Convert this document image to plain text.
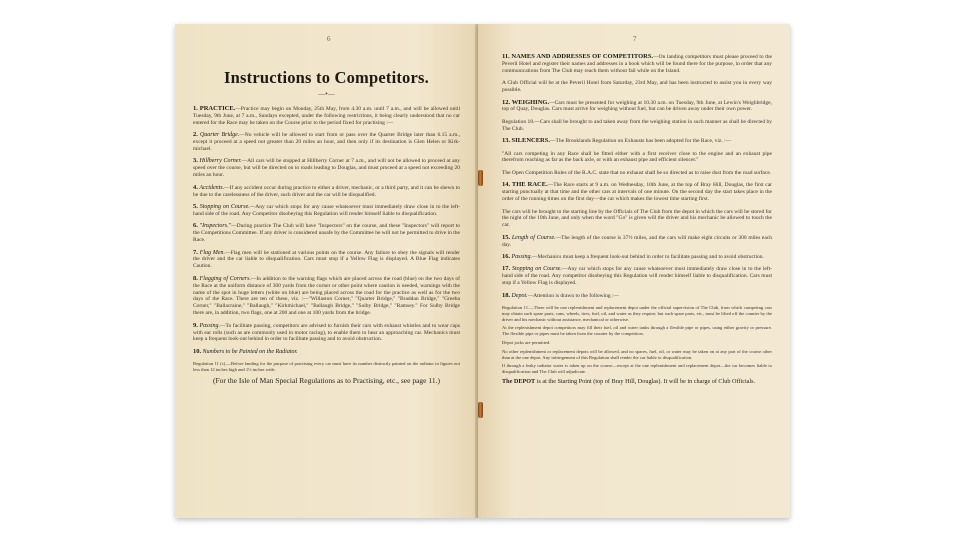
6
Instructions to Competitors.
—•—
1. PRACTICE.—Practice may begin on Monday, 25th May, from 4.30 a.m. until 7 a.m., and will be allowed until Tuesday, 9th June, at 7 a.m., Sundays excepted, under the following restrictions, it being clearly understood that no car entered for the Race may be taken on the Course prior to the period fixed for practising :—
2. Quarter Bridge.—No vehicle will be allowed to start from or pass over the Quarter Bridge later than 6.15 a.m., except it proceed at a speed not greater than 20 miles an hour, and then only if its destination is Glen Helen or Kirk-michael.
3. Hillberry Corner.—All cars will be stopped at Hillberry Corner at 7 a.m., and will not be allowed to proceed at any speed over the course, but will be directed on to roads leading to Douglas, and must proceed at a speed not exceeding 20 miles an hour.
4. Accidents.—If any accident occur during practice to either a driver, mechanic, or a third party, and it can be shewn to be due to the carelessness of the driver, such driver and the car will be disqualified.
5. Stopping on Course.—Any car which stops for any cause whatsoever must immediately draw close in to the left-hand side of the road. Any Competitor disobeying this Regulation will render himself liable to disqualification.
6. "Inspectors."—During practice The Club will have "Inspectors" on the course, and these "Inspectors" will report to the Competitions Committee. If any driver is considered unsafe by the Committee he will not be permitted to drive in the Race.
7. Flag Men.—Flag men will be stationed at various points on the course. Any failure to obey the signals will render the driver and the car liable to disqualification. Cars must stop if a Yellow Flag is displayed. A Blue Flag indicates Caution.
8. Flagging of Corners.—In addition to the warning flags which are placed across the road (blue) on the two days of the Race at the uniform distance of 300 yards from the corner or other point where caution is needed, warnings with the name of the spot in huge letters (white on blue) are being placed across the road for the practice as well as for the two days of the Race. There are ten of these, viz. :—"Willaston Corner," "Quarter Bridge," "Braddan Bridge," "Greeba Corner," "Ballacraine," "Ballaugh," "Kirkmichael," "Ballaugh Bridge," "Sulby Bridge," "Ramsey." For Sulby Bridge there are, in addition, two flags, one at 200 and one at 100 yards from the bridge.
9. Passing.—To facilitate passing, competitors are advised to furnish their cars with exhaust whistles and to wear caps with ear rolls (such as are commonly used in motor racing), to enable them to hear an approaching car. Mechanics must keep a frequent look-out behind in order to facilitate passing and to avoid obstruction.
10. Numbers to be Painted on the Radiator.
Regulation 11 (c).—Before landing for the purpose of practising every car must have its number distinctly painted on the radiator in figures not less than 12 inches high and 1½ inches wide.
(For the Isle of Man Special Regulations as to Practising, etc., see page 11.)
7
11. NAMES AND ADDRESSES OF COMPETITORS.—On landing competitors must please proceed to the Peveril Hotel and register their names and addresses in a book which will be found there for the purpose, in order that any communications from The Club may reach them without fail while on the Island.
A Club Official will be at the Peveril Hotel from Saturday, 23rd May, and has been instructed to assist you in every way possible.
12. WEIGHING.—Cars must be presented for weighing at 10.30 a.m. on Tuesday, 9th June, at Lewin's Weighbridge, top of Quay, Douglas. Cars must arrive for weighing without fuel, but can be driven away under their own power.
Regulation 18.—Cars shall be brought to and taken away from the weighing station in such manner as shall be directed by The Club.
13. SILENCERS.—The Brooklands Regulation on Exhausts has been adopted for the Race, viz. :—
"All cars competing in any Race shall be fitted either with a first receiver close to the engine and an exhaust pipe therefrom reaching as far as the back axle, or with an exhaust pipe and efficient silencer."
The Open Competition Rules of the R.A.C. state that no exhaust shall be so directed as to raise dust from the road surface.
14. THE RACE.—The Race starts at 9 a.m. on Wednesday, 10th June, at the top of Bray Hill, Douglas, the first car starting punctually at that time and the other cars at intervals of one minute. On the second day the start takes place in the order of the running times on the first day—the car which makes the lowest time starting first.
The cars will be brought to the starting line by the Officials of The Club from the depot in which the cars will be stored for the night of the 10th June, and only when the word "Go" is given will the driver and his mechanic be allowed to touch the car.
15. Length of Course.—The length of the course is 37½ miles, and the cars will make eight circuits or 300 miles each day.
16. Passing.—Mechanics must keep a frequent look-out behind in order to facilitate passing and to avoid obstruction.
17. Stopping on Course.—Any car which stops for any cause whatsoever must immediately draw close in to the left-hand side of the road. Any competitor disobeying this Regulation will render himself liable to disqualification. Cars must stop if a Yellow Flag is displayed.
18. Depot.—Attention is drawn to the following :—
Regulation 11.—There will be one replenishment and replacement depot under the official supervision of The Club, from which competing cars may obtain such spare parts, cans, wheels, tires, fuel, oil, and water as they require; but such spare parts, etc., must be lifted off the counter by the driver and his mechanic without assistance, mechanical or otherwise.
At the replenishment depot competitors may fill their fuel, oil and water tanks through a flexible pipe or pipes, using either gravity or pressure. The flexible pipe or pipes must be taken from the counter by the competitors.
Depot jacks are permitted.
No other replenishment or replacement depots will be allowed, and no spares, fuel, oil, or water may be taken on at any part of the course other than at the one depot. Any infringement of this Regulation shall render the car liable to disqualification.
If through a leaky radiator water is taken up on the course—except at the one replenishment and replacement depot—the car becomes liable to disqualification and The Club will adjudicate.
The DEPOT is at the Starting Point (top of Bray Hill, Douglas). It will be in charge of Club Officials.
